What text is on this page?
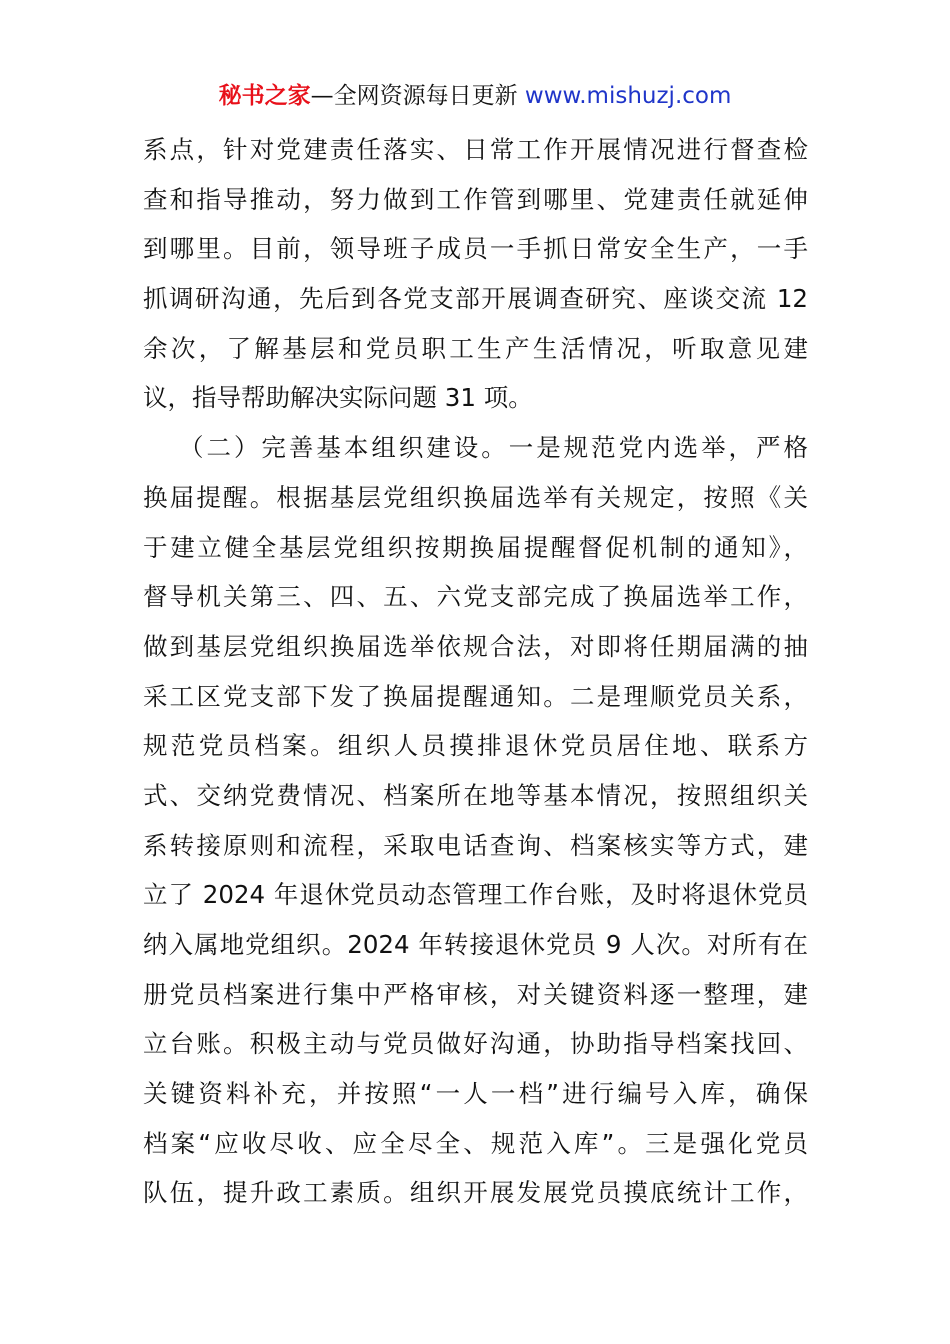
秘书之家—全网资源每日更新 www.mishuzj.com
系点，针对党建责任落实、日常工作开展情况进行督查检
查和指导推动，努力做到工作管到哪里、党建责任就延伸
到哪里。目前，领导班子成员一手抓日常安全生产，一手
抓调研沟通，先后到各党支部开展调查研究、座谈交流 12
余次，了解基层和党员职工生产生活情况，听取意见建
议，指导帮助解决实际问题 31 项。
（二）完善基本组织建设。一是规范党内选举，严格
换届提醒。根据基层党组织换届选举有关规定，按照《关
于建立健全基层党组织按期换届提醒督促机制的通知》，
督导机关第三、四、五、六党支部完成了换届选举工作，
做到基层党组织换届选举依规合法，对即将任期届满的抽
采工区党支部下发了换届提醒通知。二是理顺党员关系，
规范党员档案。组织人员摸排退休党员居住地、联系方
式、交纳党费情况、档案所在地等基本情况，按照组织关
系转接原则和流程，采取电话查询、档案核实等方式，建
立了 2024 年退休党员动态管理工作台账，及时将退休党员
纳入属地党组织。2024 年转接退休党员 9 人次。对所有在
册党员档案进行集中严格审核，对关键资料逐一整理，建
立台账。积极主动与党员做好沟通，协助指导档案找回、
关键资料补充，并按照“一人一档”进行编号入库，确保
档案“应收尽收、应全尽全、规范入库”。三是强化党员
队伍，提升政工素质。组织开展发展党员摸底统计工作，
